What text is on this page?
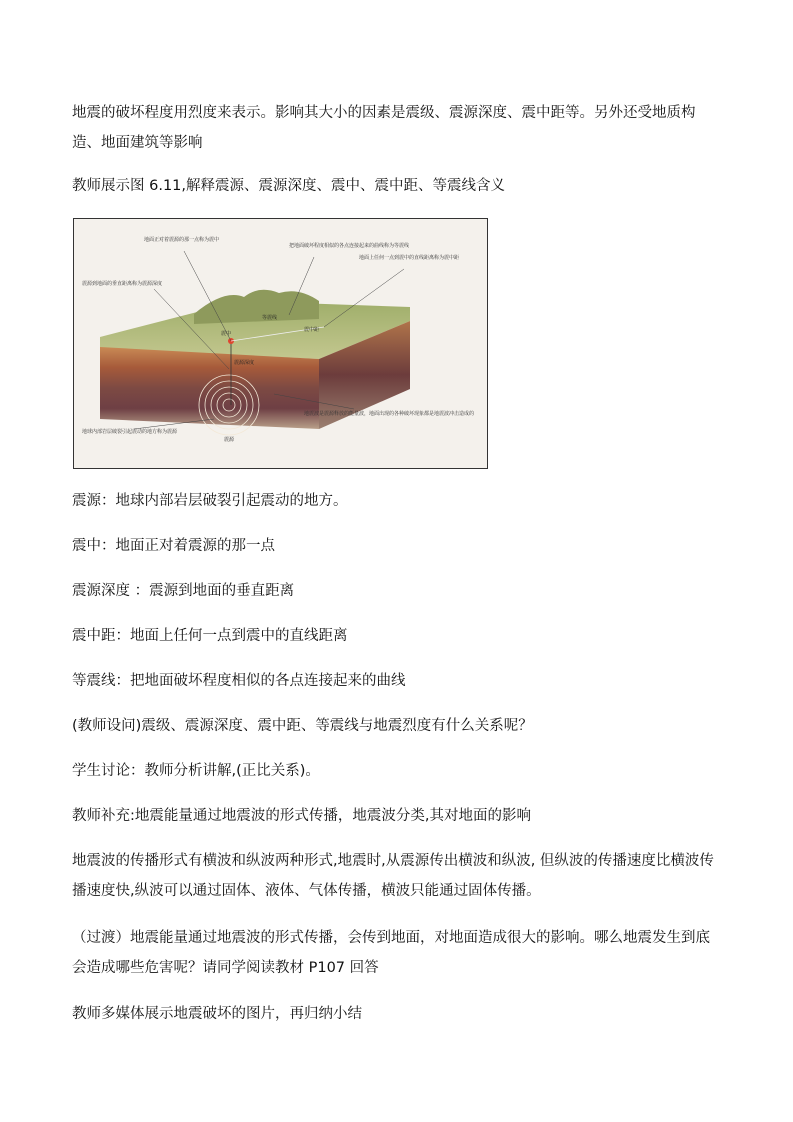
地震的破坏程度用烈度来表示。影响其大小的因素是震级、震源深度、震中距等。另外还受地质构造、地面建筑等影响

教师展示图 6.11,解释震源、震源深度、震中、震中距、等震线含义

地面正对着震源的那一点称为震中
把地面破坏程度相似的各点连接起来的曲线称为等震线
地面上任何一点到震中的直线距离称为震中距
震源到地面的垂直距离称为震源深度
地球内部岩层破裂引起震动的地方称为震源
地震波是震源释放的能量波，地面出现的各种破坏现象都是地震波冲击造成的
震中
等震线
震中距
震源深度
震源

震源：地球内部岩层破裂引起震动的地方。

震中：地面正对着震源的那一点

震源深度 ：震源到地面的垂直距离

震中距：地面上任何一点到震中的直线距离

等震线：把地面破坏程度相似的各点连接起来的曲线

(教师设问)震级、震源深度、震中距、等震线与地震烈度有什么关系呢？

学生讨论：教师分析讲解,(正比关系)。

教师补充:地震能量通过地震波的形式传播，地震波分类,其对地面的影响

地震波的传播形式有横波和纵波两种形式,地震时,从震源传出横波和纵波, 但纵波的传播速度比横波传播速度快,纵波可以通过固体、液体、气体传播，横波只能通过固体传播。

（过渡）地震能量通过地震波的形式传播，会传到地面，对地面造成很大的影响。哪么地震发生到底会造成哪些危害呢？请同学阅读教材 P107 回答

教师多媒体展示地震破坏的图片，再归纳小结
